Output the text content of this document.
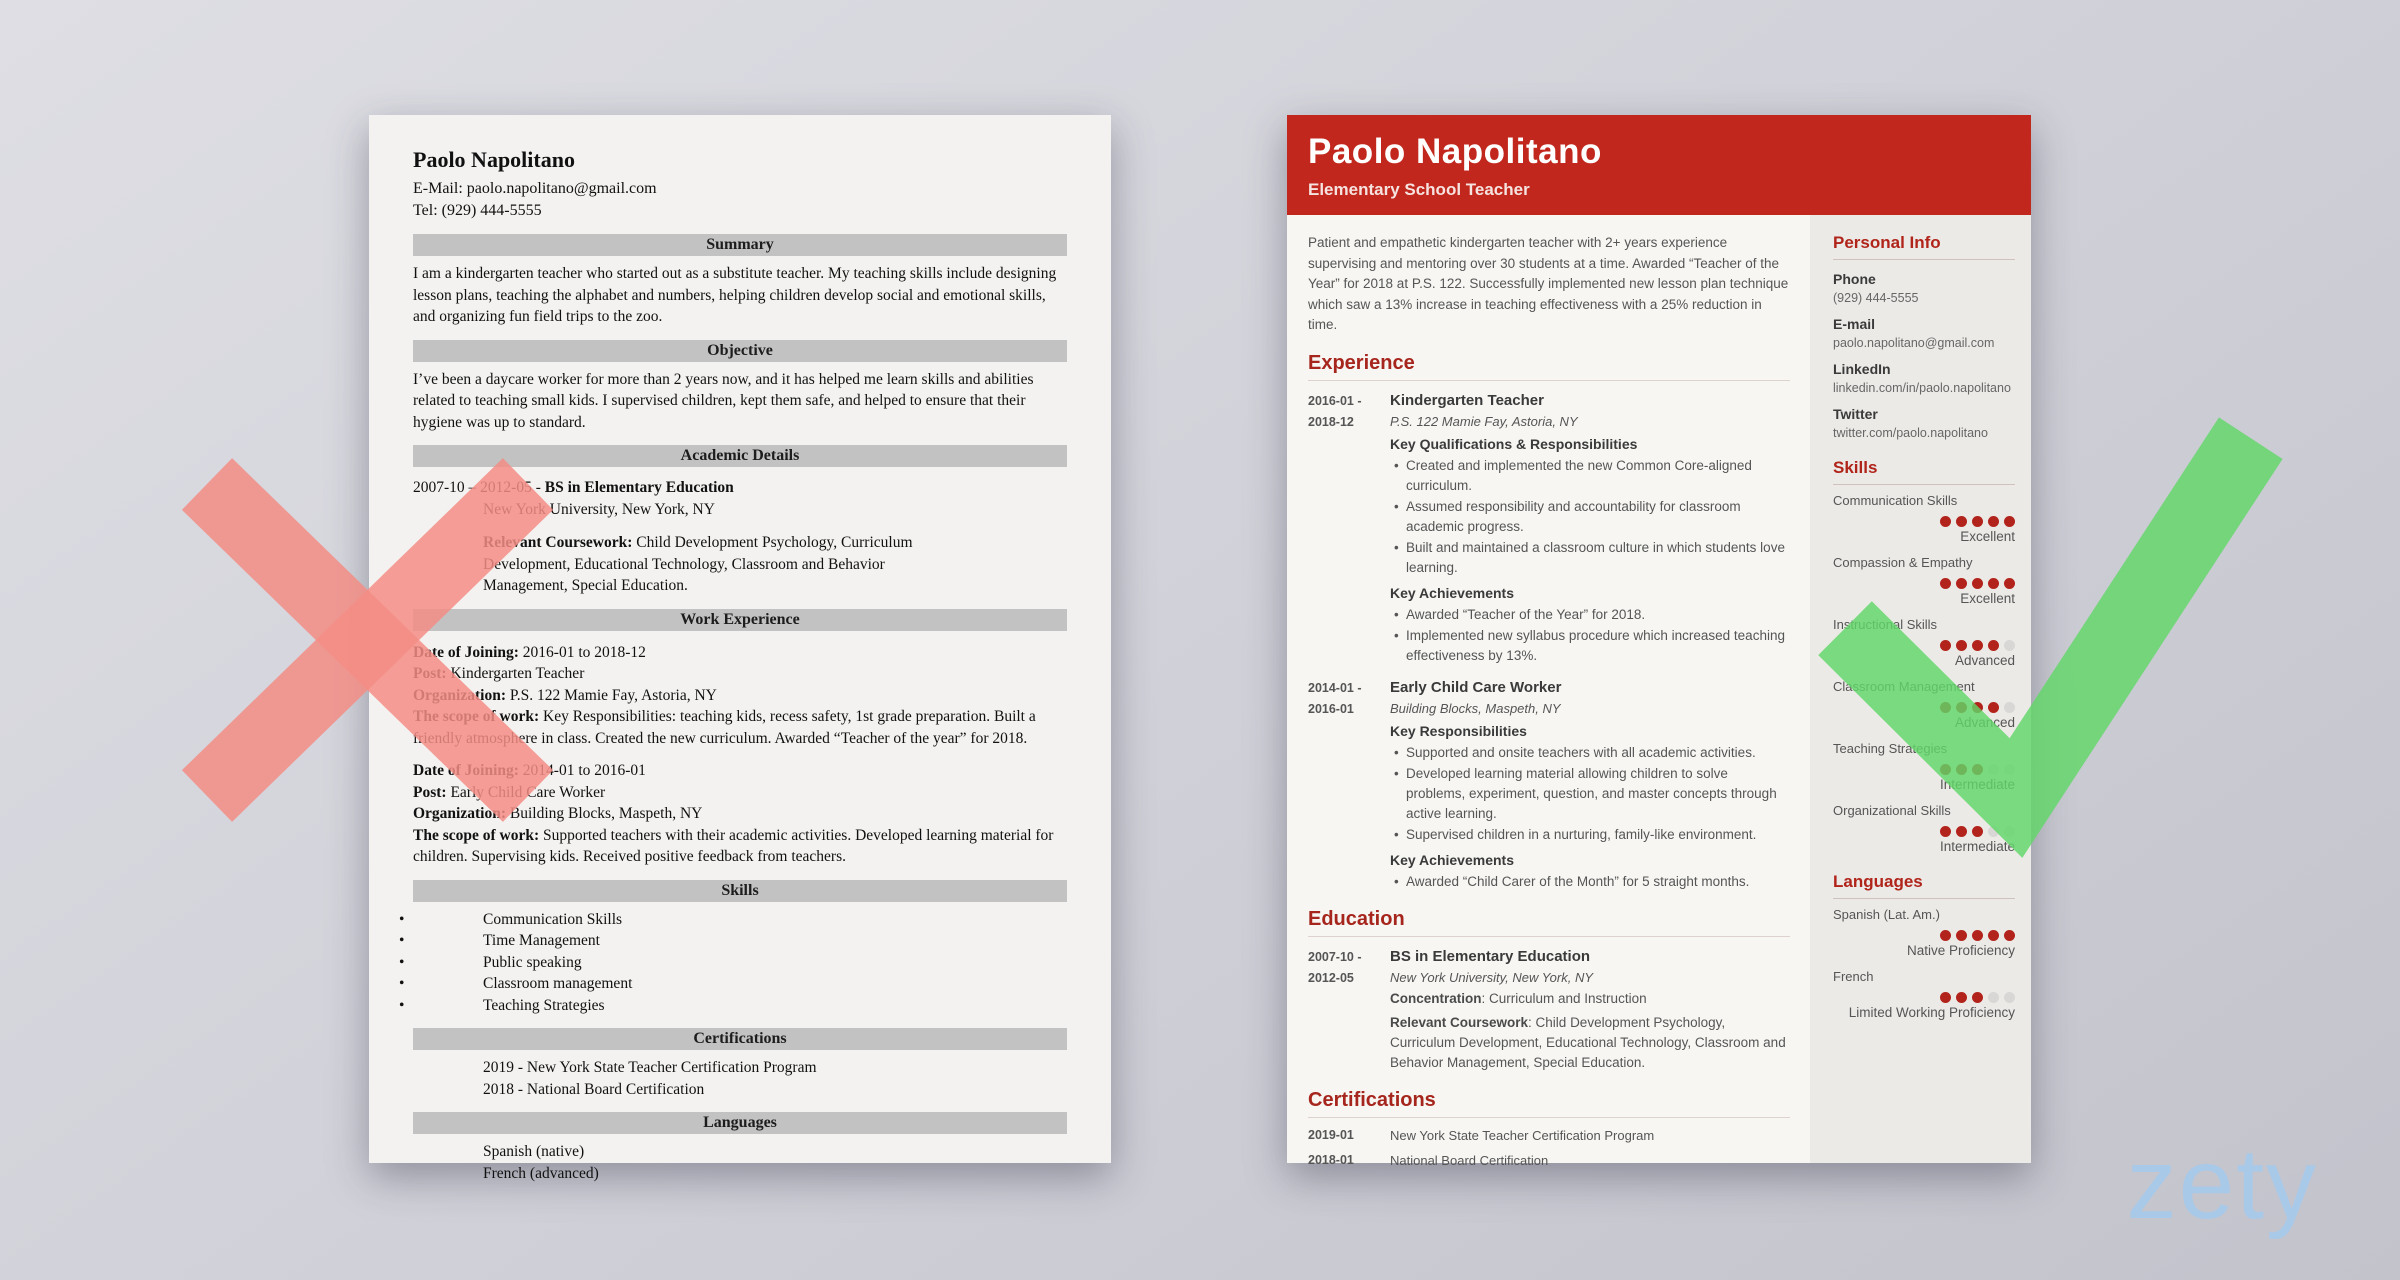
Paolo Napolitano
E-Mail: paolo.napolitano@gmail.com
Tel: (929) 444-5555
Summary
I am a kindergarten teacher who started out as a substitute teacher. My teaching skills include designing lesson plans, teaching the alphabet and numbers, helping children develop social and emotional skills, and organizing fun field trips to the zoo.
Objective
I’ve been a daycare worker for more than 2 years now, and it has helped me learn skills and abilities related to teaching small kids. I supervised children, kept them safe, and helped to ensure that their hygiene was up to standard.
Academic Details
2007-10 – 2012-05 - BS in Elementary Education
New York University, New York, NY
Relevant Coursework: Child Development Psychology, Curriculum Development, Educational Technology, Classroom and Behavior Management, Special Education.
Work Experience
Date of Joining: 2016-01 to 2018-12
Post: Kindergarten Teacher
Organization: P.S. 122 Mamie Fay, Astoria, NY
The scope of work: Key Responsibilities: teaching kids, recess safety, 1st grade preparation. Built a friendly atmosphere in class. Created the new curriculum. Awarded “Teacher of the year” for 2018.
Date of Joining: 2014-01 to 2016-01
Post: Early Child Care Worker
Organization: Building Blocks, Maspeth, NY
The scope of work: Supported teachers with their academic activities. Developed learning material for children. Supervising kids. Received positive feedback from teachers.
Skills
• Communication Skills
• Time Management
• Public speaking
• Classroom management
• Teaching Strategies
Certifications
2019 - New York State Teacher Certification Program
2018 - National Board Certification
Languages
Spanish (native)
French (advanced)
Paolo Napolitano
Elementary School Teacher
Patient and empathetic kindergarten teacher with 2+ years experience supervising and mentoring over 30 students at a time. Awarded “Teacher of the Year” for 2018 at P.S. 122. Successfully implemented new lesson plan technique which saw a 13% increase in teaching effectiveness with a 25% reduction in time.
Experience
2016-01 -
2018-12
Kindergarten Teacher
P.S. 122 Mamie Fay, Astoria, NY
Key Qualifications & Responsibilities
• Created and implemented the new Common Core-aligned curriculum.
• Assumed responsibility and accountability for classroom academic progress.
• Built and maintained a classroom culture in which students love learning.
Key Achievements
• Awarded “Teacher of the Year” for 2018.
• Implemented new syllabus procedure which increased teaching effectiveness by 13%.
2014-01 -
2016-01
Early Child Care Worker
Building Blocks, Maspeth, NY
Key Responsibilities
• Supported and onsite teachers with all academic activities.
• Developed learning material allowing children to solve problems, experiment, question, and master concepts through active learning.
• Supervised children in a nurturing, family-like environment.
Key Achievements
• Awarded “Child Carer of the Month” for 5 straight months.
Education
2007-10 -
2012-05
BS in Elementary Education
New York University, New York, NY
Concentration: Curriculum and Instruction
Relevant Coursework: Child Development Psychology, Curriculum Development, Educational Technology, Classroom and Behavior Management, Special Education.
Certifications
2019-01	New York State Teacher Certification Program
2018-01	National Board Certification
Personal Info
Phone
(929) 444-5555
E-mail
paolo.napolitano@gmail.com
LinkedIn
linkedin.com/in/paolo.napolitano
Twitter
twitter.com/paolo.napolitano
Skills
Communication Skills
Excellent
Compassion & Empathy
Excellent
Instructional Skills
Advanced
Classroom Management
Advanced
Teaching Strategies
Intermediate
Organizational Skills
Intermediate
Languages
Spanish (Lat. Am.)
Native Proficiency
French
Limited Working Proficiency
zety
